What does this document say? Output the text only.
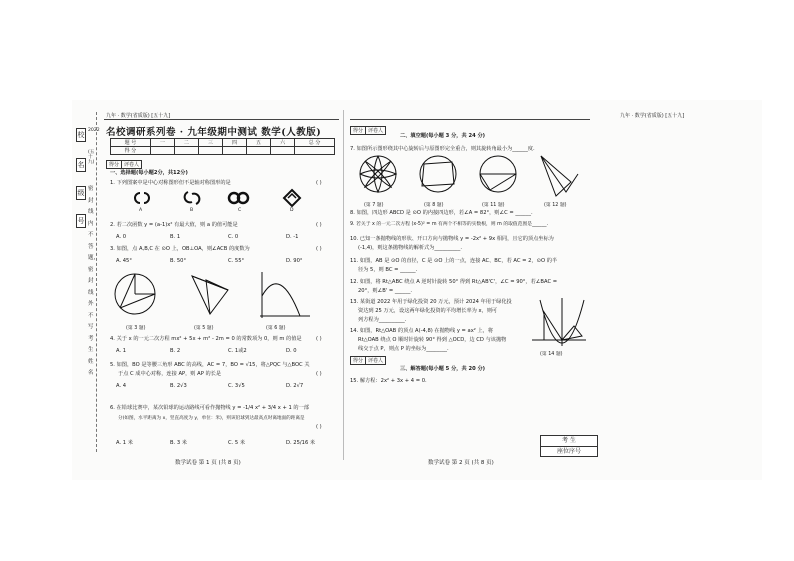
校
名
级
号
2022
(五十九)
密封线内不答题，密封线外不写考生姓名
九年 · 数学(省质版) [五十九]
名校调研系列卷 · 九年级期中测试 数学(人教版)
题 号	一	二	三	四	五	六	总 分
得 分							
得分 评卷人
一、选择题(每小题2分，共12分)
1. 下列图案中是中心对称图形但不是轴对称图形的是	( )
A	B	C	D
2. 若二次函数 y = (a-1)x² 有最大值，则 a 的值可能是	( )
A. 0	B. 1	C. 0	D. -1
3. 如图，点 A,B,C 在 ⊙O 上，OB⊥OA，则∠ACB 的度数为	( )
A. 45°	B. 50°	C. 55°	D. 90°
(第 3 题)	(第 5 题)	(第 6 题)
4. 关于 x 的一元二次方程 mx² + 5x + m² - 2m = 0 的常数项为 0，则 m 的值是	( )
A. 1	B. 2	C. 1或2	D. 0
5. 如图，BO 是等腰三角形 ABC 的高线，AC = 7，BO = √15，将△PQC 与△BOC 关
于点 C 成中心对称，连接 AP，则 AP 的长是	( )
A. 4	B. 2√3	C. 3√5	D. 2√7
6. 在铅球比赛中，某次铅球的运动路线可看作抛物线 y = -1/4 x² + 3/4 x + 1 的一部
分(如图，水平距离为 x，竖直高度为 y，单位：米)，则该铅球到达最高点时离地面的距离是
( )
A. 1 米	B. 3 米	C. 5 米	D. 25/16 米
数学试卷 第 1 页 (共 8 页)
九年 · 数学(省质版) [五十九]
得分 评卷人
二、填空题(每小题 3 分，共 24 分)
7. 如图所示图形绕其中心旋转后与原图形完全重合，则其旋转角最小为______度.
(第 7 题)	(第 8 题)	(第 11 题)	(第 12 题)
8. 如图，四边形 ABCD 是 ⊙O 的内接四边形，若∠A = 82°，则∠C = ______.
9. 若关于 x 的一元二次方程 (x-5)² = m 有两个不相等的实数根，则 m 的取值范围是______.
10. 已知一条抛物线的形状、开口方向与抛物线 y = -2x² + 9x 相同，且它的顶点坐标为
(-1,4)，则这条抛物线的解析式为__________.
11. 如图，AB 是 ⊙O 的直径，C 是 ⊙O 上的一点，连接 AC、BC，若 AC = 2，⊙O 的半
径为 5，则 BC = ______.
12. 如图，将 Rt△ABC 绕点 A 逆时针旋转 50° 得到 Rt△AB'C'，∠C = 90°，若∠BAC =
20°，则∠B' = ______.
13. 某街道 2022 年用于绿化投资 20 万元，预计 2024 年用于绿化投
资达到 25 万元，设这两年绿化投资的平均增长率为 x，则可
列方程为__________.
14. 如图，Rt△OAB 的顶点 A(-4,8) 在抛物线 y = ax² 上，将
Rt△OAB 绕点 O 顺时针旋转 90° 得到 △OCD，边 CD 与该抛物
线交于点 P，则点 P 的坐标为________.
(第 14 题)
得分 评卷人
三、解答题(每小题 5 分，共 20 分)
15. 解方程：2x² + 3x + 4 = 0.
考 生
座位序号
数学试卷 第 2 页 (共 8 页)
